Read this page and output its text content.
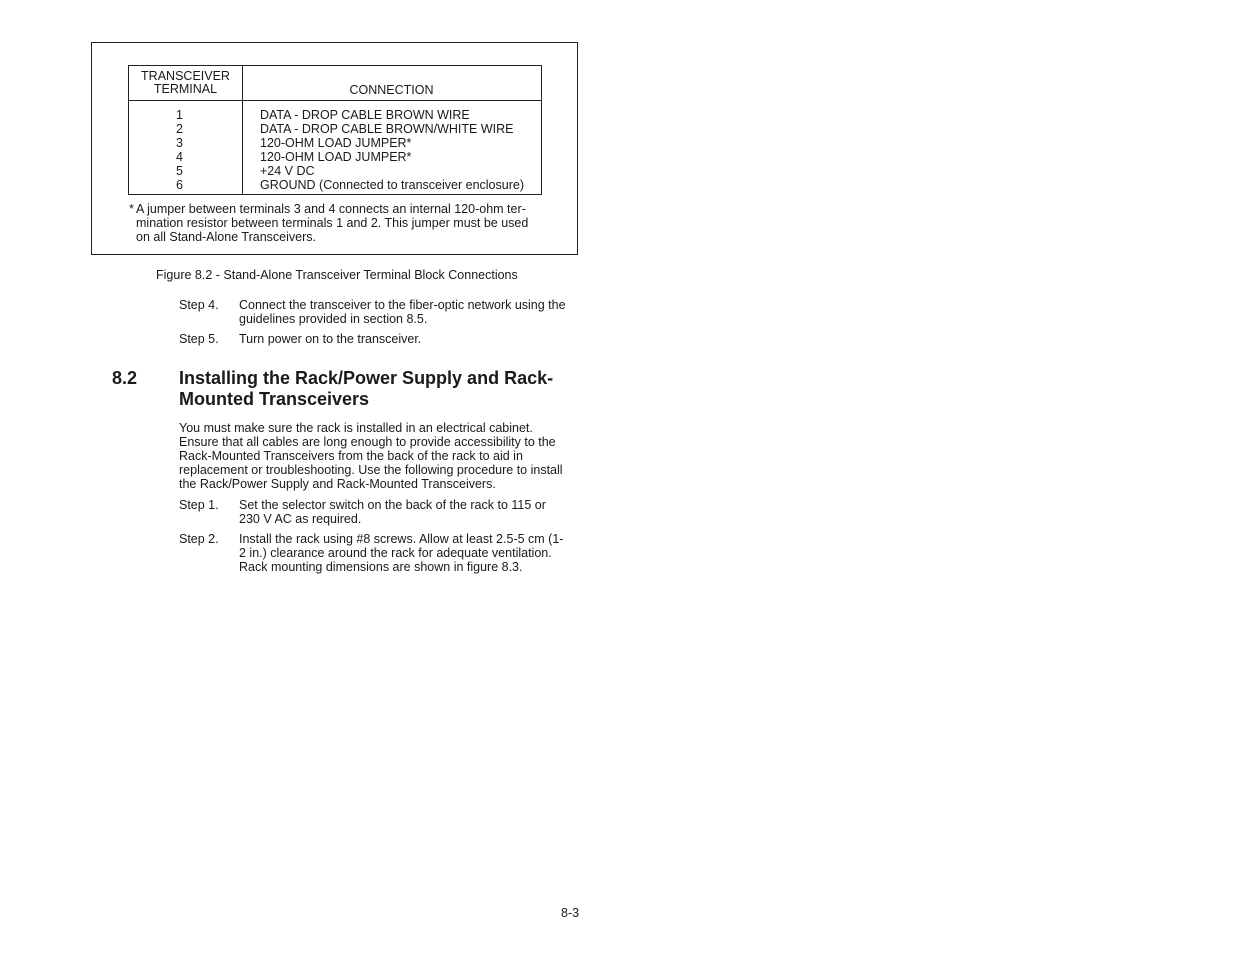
TRANSCEIVER
TERMINAL	CONNECTION
1
2
3
4
5
6
DATA - DROP CABLE BROWN WIRE
DATA - DROP CABLE BROWN/WHITE WIRE
120-OHM LOAD JUMPER*
120-OHM LOAD JUMPER*
+24 V DC
GROUND (Connected to transceiver enclosure)
* A jumper between terminals 3 and 4 connects an internal 120-ohm ter-
mination resistor between terminals 1 and 2. This jumper must be used
on all Stand-Alone Transceivers.
Figure 8.2 - Stand-Alone Transceiver Terminal Block Connections
Step 4. Connect the transceiver to the fiber-optic network using the guidelines provided in section 8.5.
Step 5. Turn power on to the transceiver.
8.2 Installing the Rack/Power Supply and Rack-Mounted Transceivers
You must make sure the rack is installed in an electrical cabinet. Ensure that all cables are long enough to provide accessibility to the Rack-Mounted Transceivers from the back of the rack to aid in replacement or troubleshooting. Use the following procedure to install the Rack/Power Supply and Rack-Mounted Transceivers.
Step 1. Set the selector switch on the back of the rack to 115 or 230 V AC as required.
Step 2. Install the rack using #8 screws. Allow at least 2.5-5 cm (1-2 in.) clearance around the rack for adequate ventilation. Rack mounting dimensions are shown in figure 8.3.
8-3
